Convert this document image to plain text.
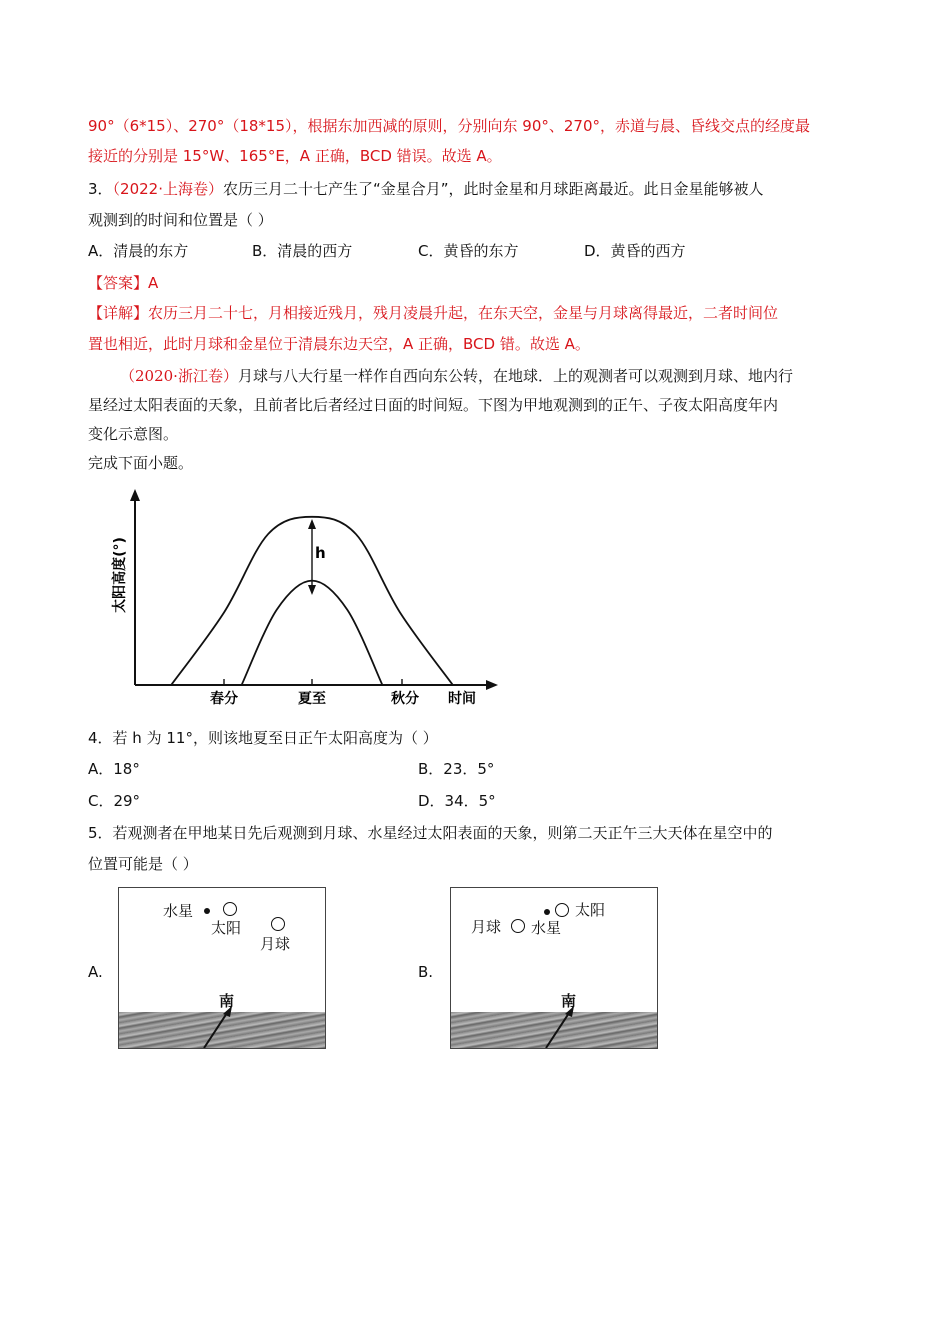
90°（6*15）、270°（18*15），根据东加西减的原则，分别向东 90°、270°，赤道与晨、昏线交点的经度最
接近的分别是 15°W、165°E，A 正确，BCD 错误。故选 A。
3．（2022·上海卷）农历三月二十七产生了“金星合月”，此时金星和月球距离最近。此日金星能够被人
观测到的时间和位置是（ ）
A．清晨的东方	B．清晨的西方	C．黄昏的东方	D．黄昏的西方
【答案】A
【详解】农历三月二十七，月相接近残月，残月凌晨升起，在东天空，金星与月球离得最近，二者时间位
置也相近，此时月球和金星位于清晨东边天空，A 正确，BCD 错。故选 A。
（2020·浙江卷）月球与八大行星一样作自西向东公转，在地球．上的观测者可以观测到月球、地内行
星经过太阳表面的天象，且前者比后者经过日面的时间短。下图为甲地观测到的正午、子夜太阳高度年内
变化示意图。
完成下面小题。
h
春分	夏至	秋分 时间
太阳高度(°)
4．若 h 为 11°，则该地夏至日正午太阳高度为（ ）
A．18°	B．23．5°
C．29°	D．34．5°
5．若观测者在甲地某日先后观测到月球、水星经过太阳表面的天象，则第二天正午三大天体在星空中的
位置可能是（ ）
A.
水星
太阳
月球
南
B.
月球 水星
太阳
南
